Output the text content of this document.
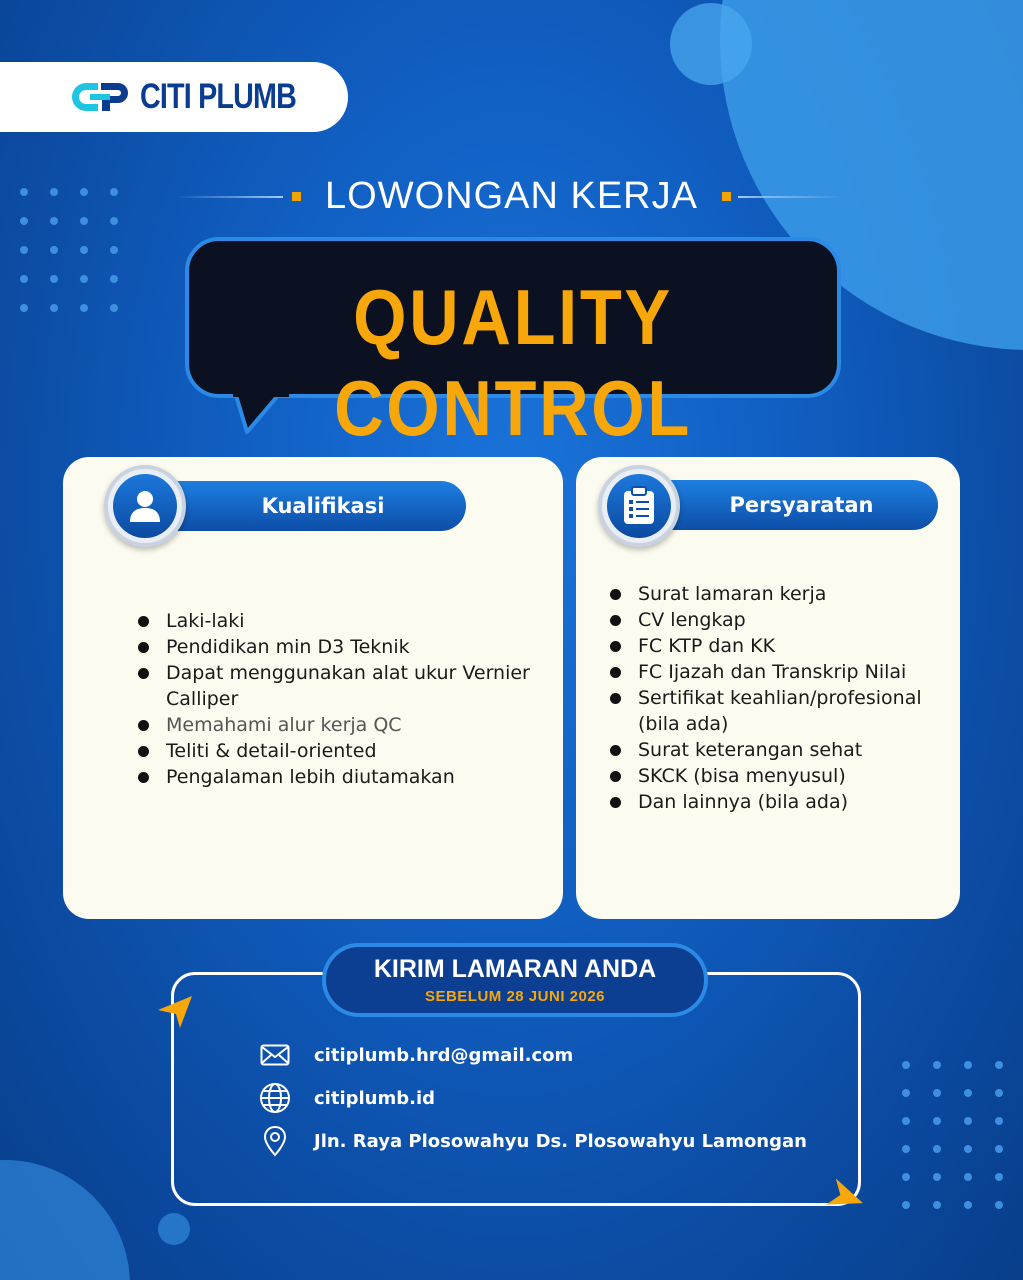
CITI PLUMB
LOWONGAN KERJA
QUALITY CONTROL
Kualifikasi	Persyaratan
Laki-laki
Pendidikan min D3 Teknik
Dapat menggunakan alat ukur Vernier Calliper
Memahami alur kerja QC
Teliti & detail-oriented
Pengalaman lebih diutamakan
Surat lamaran kerja
CV lengkap
FC KTP dan KK
FC Ijazah dan Transkrip Nilai
Sertifikat keahlian/profesional (bila ada)
Surat keterangan sehat
SKCK (bisa menyusul)
Dan lainnya (bila ada)
KIRIM LAMARAN ANDA
SEBELUM 28 JUNI 2026
citiplumb.hrd@gmail.com
citiplumb.id
Jln. Raya Plosowahyu Ds. Plosowahyu Lamongan
